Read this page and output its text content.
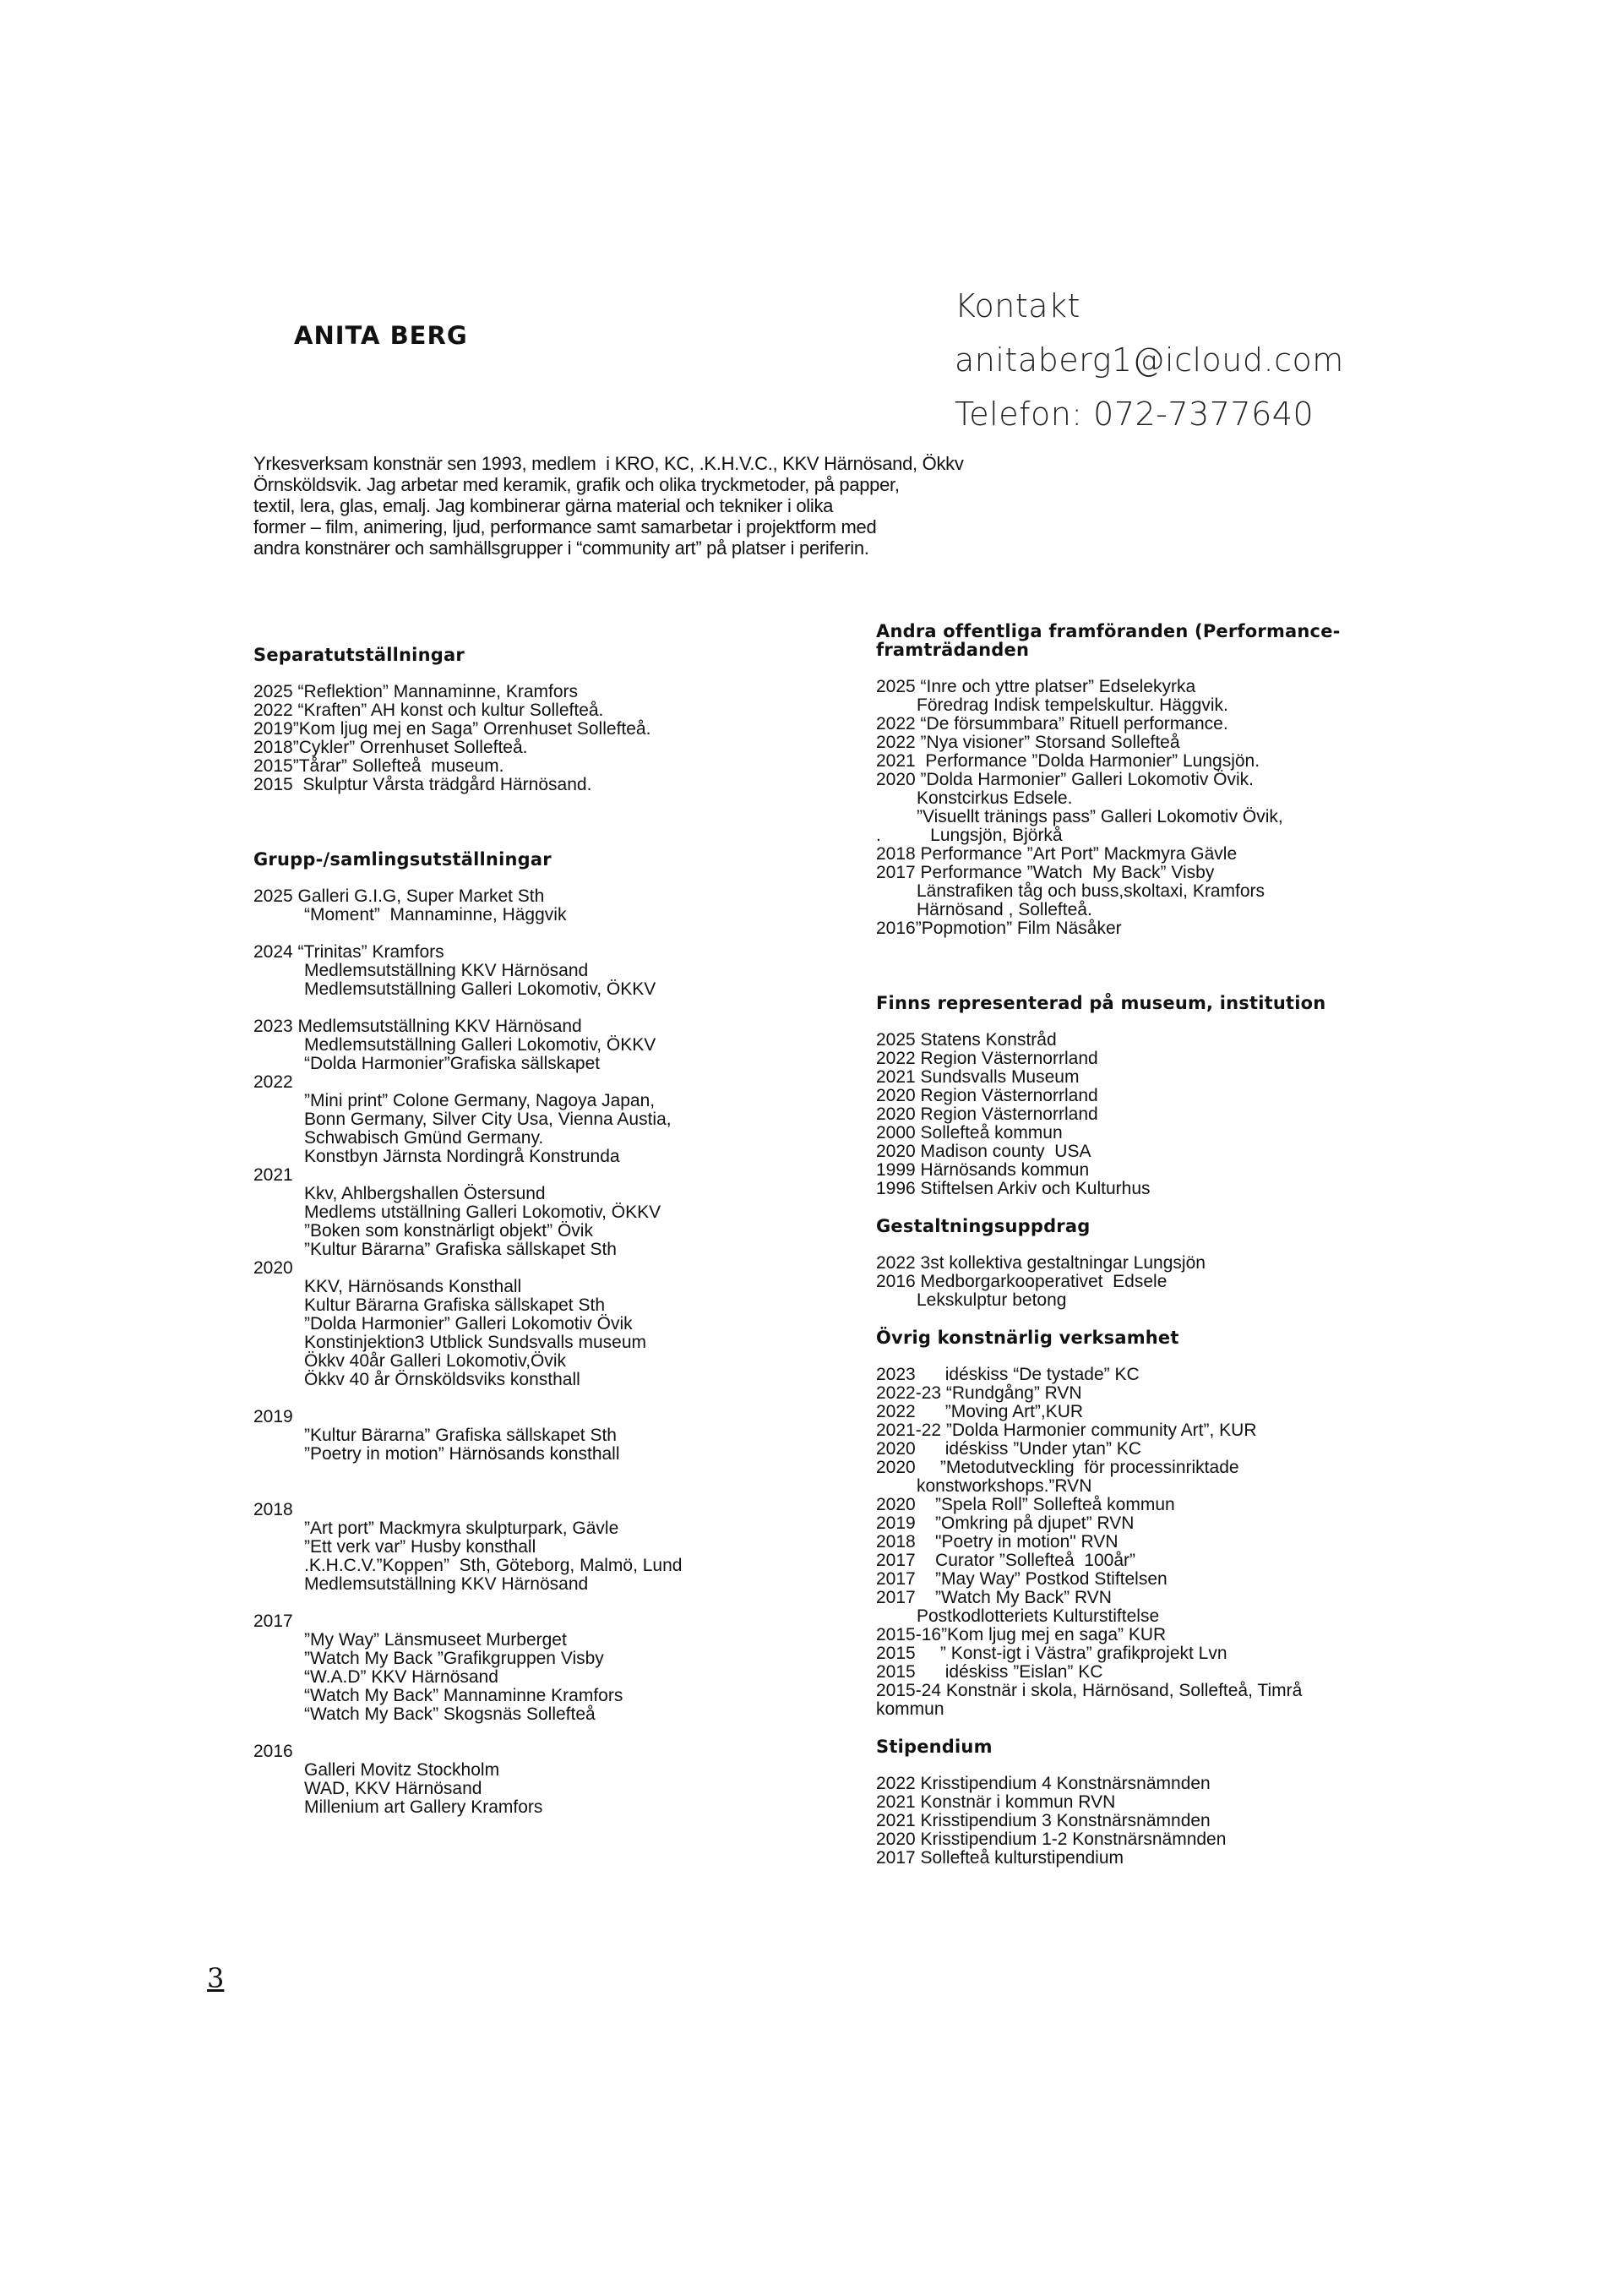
ANITA BERG
Kontakt
anitaberg1@icloud.com
Telefon: 072-7377640
Yrkesverksam konstnär sen 1993, medlem  i KRO, KC, .K.H.V.C., KKV Härnösand, Ökkv
Örnsköldsvik. Jag arbetar med keramik, grafik och olika tryckmetoder, på papper,
textil, lera, glas, emalj. Jag kombinerar gärna material och tekniker i olika
former – film, animering, ljud, performance samt samarbetar i projektform med
andra konstnärer och samhällsgrupper i “community art” på platser i periferin.
Separatutställningar
2025 “Reflektion” Mannaminne, Kramfors
2022 “Kraften” AH konst och kultur Sollefteå.
2019”Kom ljug mej en Saga” Orrenhuset Sollefteå.
2018”Cykler” Orrenhuset Sollefteå.
2015”Tårar” Sollefteå  museum.
2015  Skulptur Vårsta trädgård Härnösand.
Grupp-/samlingsutställningar
2025 Galleri G.I.G, Super Market Sth
“Moment”  Mannaminne, Häggvik
2024 “Trinitas” Kramfors
Medlemsutställning KKV Härnösand
Medlemsutställning Galleri Lokomotiv, ÖKKV
2023 Medlemsutställning KKV Härnösand
Medlemsutställning Galleri Lokomotiv, ÖKKV
“Dolda Harmonier”Grafiska sällskapet
2022
”Mini print” Colone Germany, Nagoya Japan,
Bonn Germany, Silver City Usa, Vienna Austia,
Schwabisch Gmünd Germany.
Konstbyn Järnsta Nordingrå Konstrunda
2021
Kkv, Ahlbergshallen Östersund
Medlems utställning Galleri Lokomotiv, ÖKKV
”Boken som konstnärligt objekt” Övik
”Kultur Bärarna” Grafiska sällskapet Sth
2020
KKV, Härnösands Konsthall
Kultur Bärarna Grafiska sällskapet Sth
”Dolda Harmonier” Galleri Lokomotiv Övik
Konstinjektion3 Utblick Sundsvalls museum
Ökkv 40år Galleri Lokomotiv,Övik
Ökkv 40 år Örnsköldsviks konsthall
2019
”Kultur Bärarna” Grafiska sällskapet Sth
”Poetry in motion” Härnösands konsthall
2018
”Art port” Mackmyra skulpturpark, Gävle
”Ett verk var” Husby konsthall
.K.H.C.V.”Koppen”  Sth, Göteborg, Malmö, Lund
Medlemsutställning KKV Härnösand
2017
”My Way” Länsmuseet Murberget
”Watch My Back ”Grafikgruppen Visby
“W.A.D” KKV Härnösand
“Watch My Back” Mannaminne Kramfors
“Watch My Back” Skogsnäs Sollefteå
2016
Galleri Movitz Stockholm
WAD, KKV Härnösand
Millenium art Gallery Kramfors
Andra offentliga framföranden (Performance-
framträdanden
2025 “Inre och yttre platser” Edselekyrka
Föredrag Indisk tempelskultur. Häggvik.
2022 “De försummbara” Rituell performance.
2022 ”Nya visioner” Storsand Sollefteå
2021  Performance ”Dolda Harmonier” Lungsjön.
2020 ”Dolda Harmonier” Galleri Lokomotiv Övik.
Konstcirkus Edsele.
”Visuellt tränings pass” Galleri Lokomotiv Övik,
.          Lungsjön, Björkå
2018 Performance ”Art Port” Mackmyra Gävle
2017 Performance ”Watch  My Back” Visby
Länstrafiken tåg och buss,skoltaxi, Kramfors
Härnösand , Sollefteå.
2016”Popmotion” Film Näsåker
Finns representerad på museum, institution
2025 Statens Konstråd
2022 Region Västernorrland
2021 Sundsvalls Museum
2020 Region Västernorrland
2020 Region Västernorrland
2000 Sollefteå kommun
2020 Madison county  USA
1999 Härnösands kommun
1996 Stiftelsen Arkiv och Kulturhus
Gestaltningsuppdrag
2022 3st kollektiva gestaltningar Lungsjön
2016 Medborgarkooperativet  Edsele
Lekskulptur betong
Övrig konstnärlig verksamhet
2023      idéskiss “De tystade” KC
2022-23 “Rundgång” RVN
2022      ”Moving Art”,KUR
2021-22 ”Dolda Harmonier community Art”, KUR
2020      idéskiss ”Under ytan” KC
2020     ”Metodutveckling  för processinriktade
konstworkshops.”RVN
2020    ”Spela Roll” Sollefteå kommun
2019    ”Omkring på djupet” RVN
2018    "Poetry in motion" RVN
2017    Curator ”Sollefteå  100år”
2017    ”May Way” Postkod Stiftelsen
2017    ”Watch My Back” RVN
Postkodlotteriets Kulturstiftelse
2015-16”Kom ljug mej en saga” KUR
2015     ” Konst-igt i Västra” grafikprojekt Lvn
2015      idéskiss ”Eislan” KC
2015-24 Konstnär i skola, Härnösand, Sollefteå, Timrå
kommun
Stipendium
2022 Krisstipendium 4 Konstnärsnämnden
2021 Konstnär i kommun RVN
2021 Krisstipendium 3 Konstnärsnämnden
2020 Krisstipendium 1-2 Konstnärsnämnden
2017 Sollefteå kulturstipendium
3
